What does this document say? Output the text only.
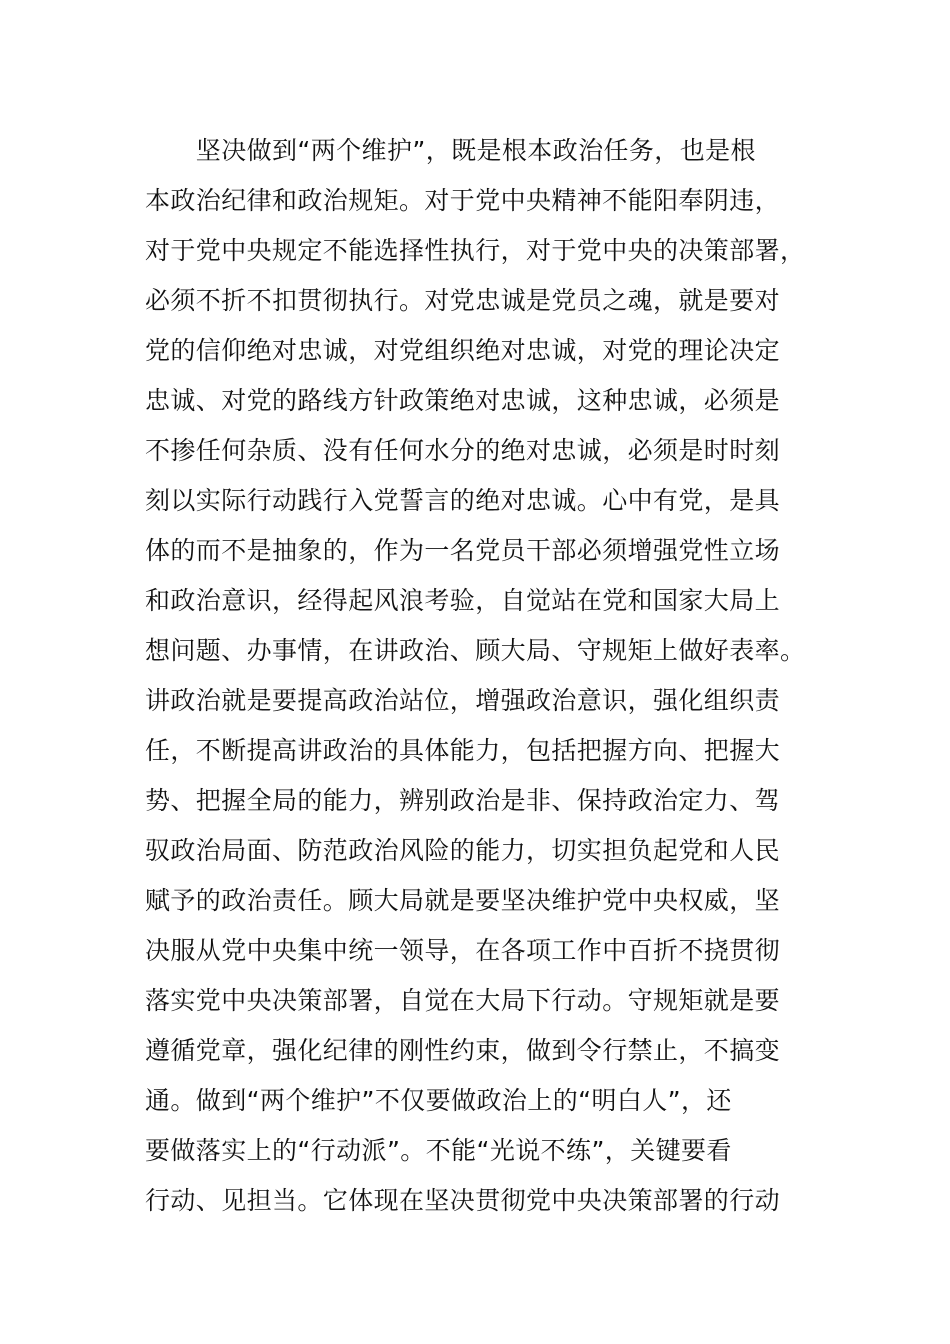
　　坚决做到“两个维护”，既是根本政治任务，也是根
本政治纪律和政治规矩。对于党中央精神不能阳奉阴违，
对于党中央规定不能选择性执行，对于党中央的决策部署，
必须不折不扣贯彻执行。对党忠诚是党员之魂，就是要对
党的信仰绝对忠诚，对党组织绝对忠诚，对党的理论决定
忠诚、对党的路线方针政策绝对忠诚，这种忠诚，必须是
不掺任何杂质、没有任何水分的绝对忠诚，必须是时时刻
刻以实际行动践行入党誓言的绝对忠诚。心中有党，是具
体的而不是抽象的，作为一名党员干部必须增强党性立场
和政治意识，经得起风浪考验，自觉站在党和国家大局上
想问题、办事情，在讲政治、顾大局、守规矩上做好表率。
讲政治就是要提高政治站位，增强政治意识，强化组织责
任，不断提高讲政治的具体能力，包括把握方向、把握大
势、把握全局的能力，辨别政治是非、保持政治定力、驾
驭政治局面、防范政治风险的能力，切实担负起党和人民
赋予的政治责任。顾大局就是要坚决维护党中央权威，坚
决服从党中央集中统一领导，在各项工作中百折不挠贯彻
落实党中央决策部署，自觉在大局下行动。守规矩就是要
遵循党章，强化纪律的刚性约束，做到令行禁止，不搞变
通。做到“两个维护”不仅要做政治上的“明白人”，还
要做落实上的“行动派”。不能“光说不练”，关键要看
行动、见担当。它体现在坚决贯彻党中央决策部署的行动
